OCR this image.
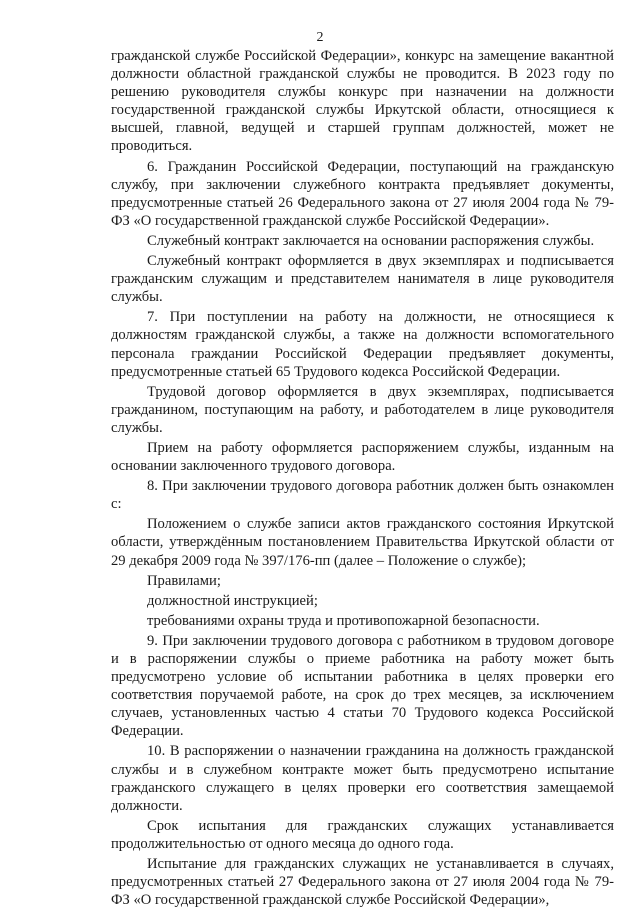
2

гражданской службе Российской Федерации», конкурс на замещение вакантной должности областной гражданской службы не проводится. В 2023 году по решению руководителя службы конкурс при назначении на должности государственной гражданской службы Иркутской области, относящиеся к высшей, главной, ведущей и старшей группам должностей, может не проводиться.

6. Гражданин Российской Федерации, поступающий на гражданскую службу, при заключении служебного контракта предъявляет документы, предусмотренные статьей 26 Федерального закона от 27 июля 2004 года № 79-ФЗ «О государственной гражданской службе Российской Федерации».

Служебный контракт заключается на основании распоряжения службы.

Служебный контракт оформляется в двух экземплярах и подписывается гражданским служащим и представителем нанимателя в лице руководителя службы.

7. При поступлении на работу на должности, не относящиеся к должностям гражданской службы, а также на должности вспомогательного персонала граждании Российской Федерации предъявляет документы, предусмотренные статьей 65 Трудового кодекса Российской Федерации.

Трудовой договор оформляется в двух экземплярах, подписывается гражданином, поступающим на работу, и работодателем в лице руководителя службы.

Прием на работу оформляется распоряжением службы, изданным на основании заключенного трудового договора.

8. При заключении трудового договора работник должен быть ознакомлен с:

Положением о службе записи актов гражданского состояния Иркутской области, утверждённым постановлением Правительства Иркутской области от 29 декабря 2009 года № 397/176-пп (далее – Положение о службе);

Правилами;

должностной инструкцией;

требованиями охраны труда и противопожарной безопасности.

9. При заключении трудового договора с работником в трудовом договоре и в распоряжении службы о приеме работника на работу может быть предусмотрено условие об испытании работника в целях проверки его соответствия поручаемой работе, на срок до трех месяцев, за исключением случаев, установленных частью 4 статьи 70 Трудового кодекса Российской Федерации.

10. В распоряжении о назначении гражданина на должность гражданской службы и в служебном контракте может быть предусмотрено испытание гражданского служащего в целях проверки его соответствия замещаемой должности.

Срок испытания для гражданских служащих устанавливается продолжительностью от одного месяца до одного года.

Испытание для гражданских служащих не устанавливается в случаях, предусмотренных статьей 27 Федерального закона от 27 июля 2004 года № 79-ФЗ «О государственной гражданской службе Российской Федерации»,
